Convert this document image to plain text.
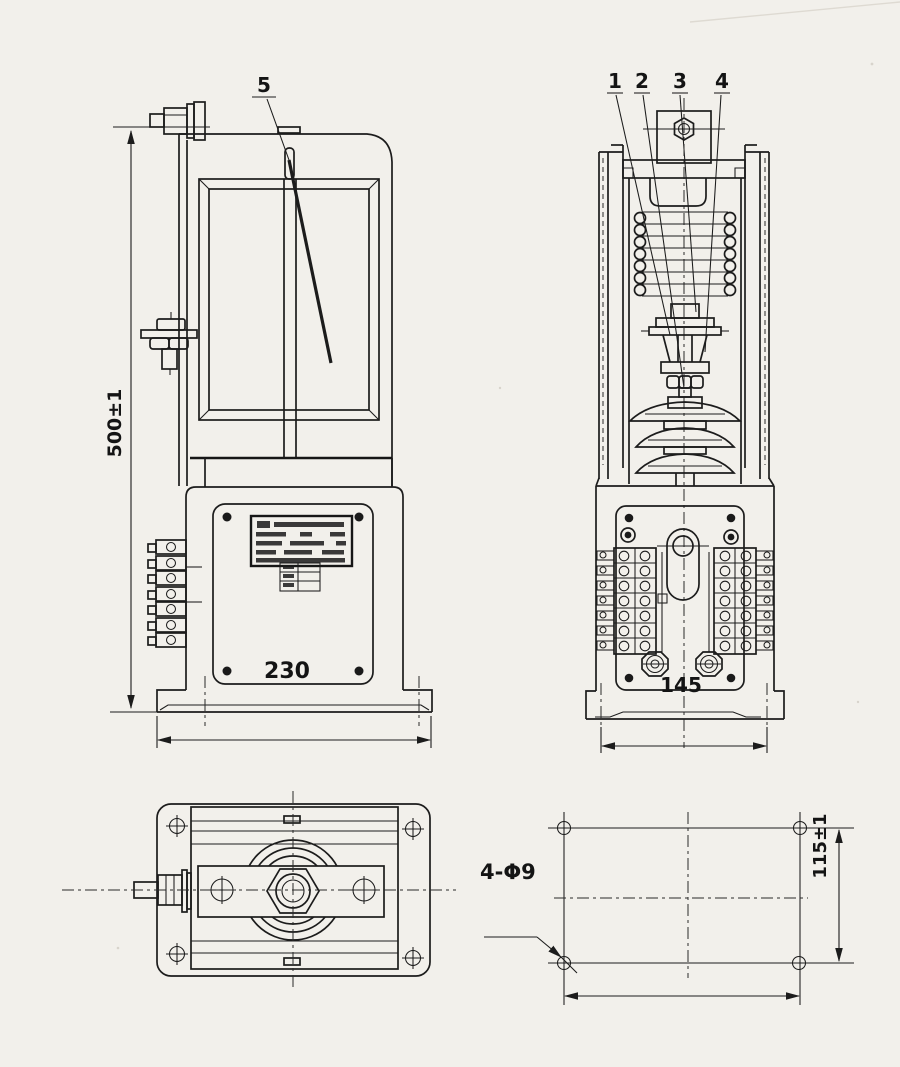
500±1
5
230
1 2 3 4
145
4-Φ9	115±1
